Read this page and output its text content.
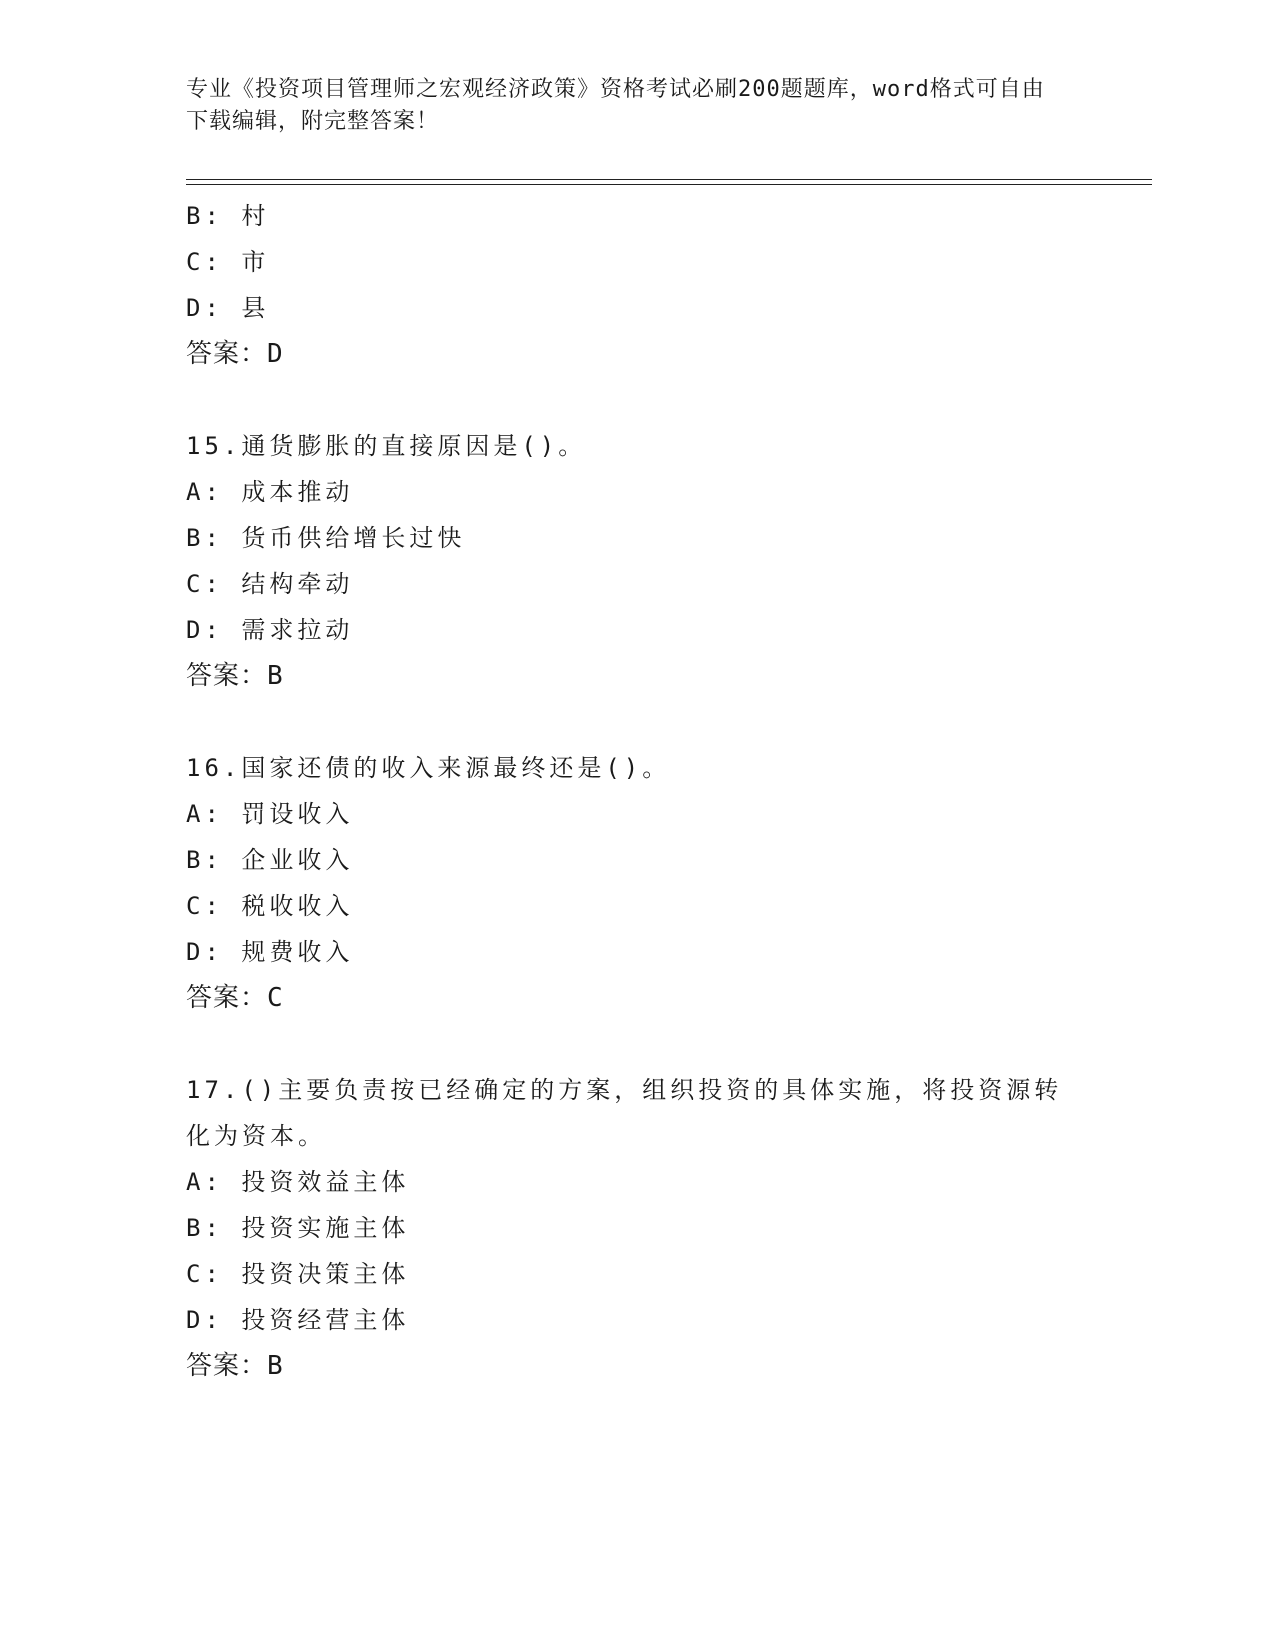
专业《投资项目管理师之宏观经济政策》资格考试必刷200题题库，word格式可自由下载编辑，附完整答案！
B: 村
C: 市
D: 县
答案：D
15.通货膨胀的直接原因是()。
A: 成本推动
B: 货币供给增长过快
C: 结构牵动
D: 需求拉动
答案：B
16.国家还债的收入来源最终还是()。
A: 罚设收入
B: 企业收入
C: 税收收入
D: 规费收入
答案：C
17.()主要负责按已经确定的方案，组织投资的具体实施，将投资源转化为资本。
A: 投资效益主体
B: 投资实施主体
C: 投资决策主体
D: 投资经营主体
答案：B
